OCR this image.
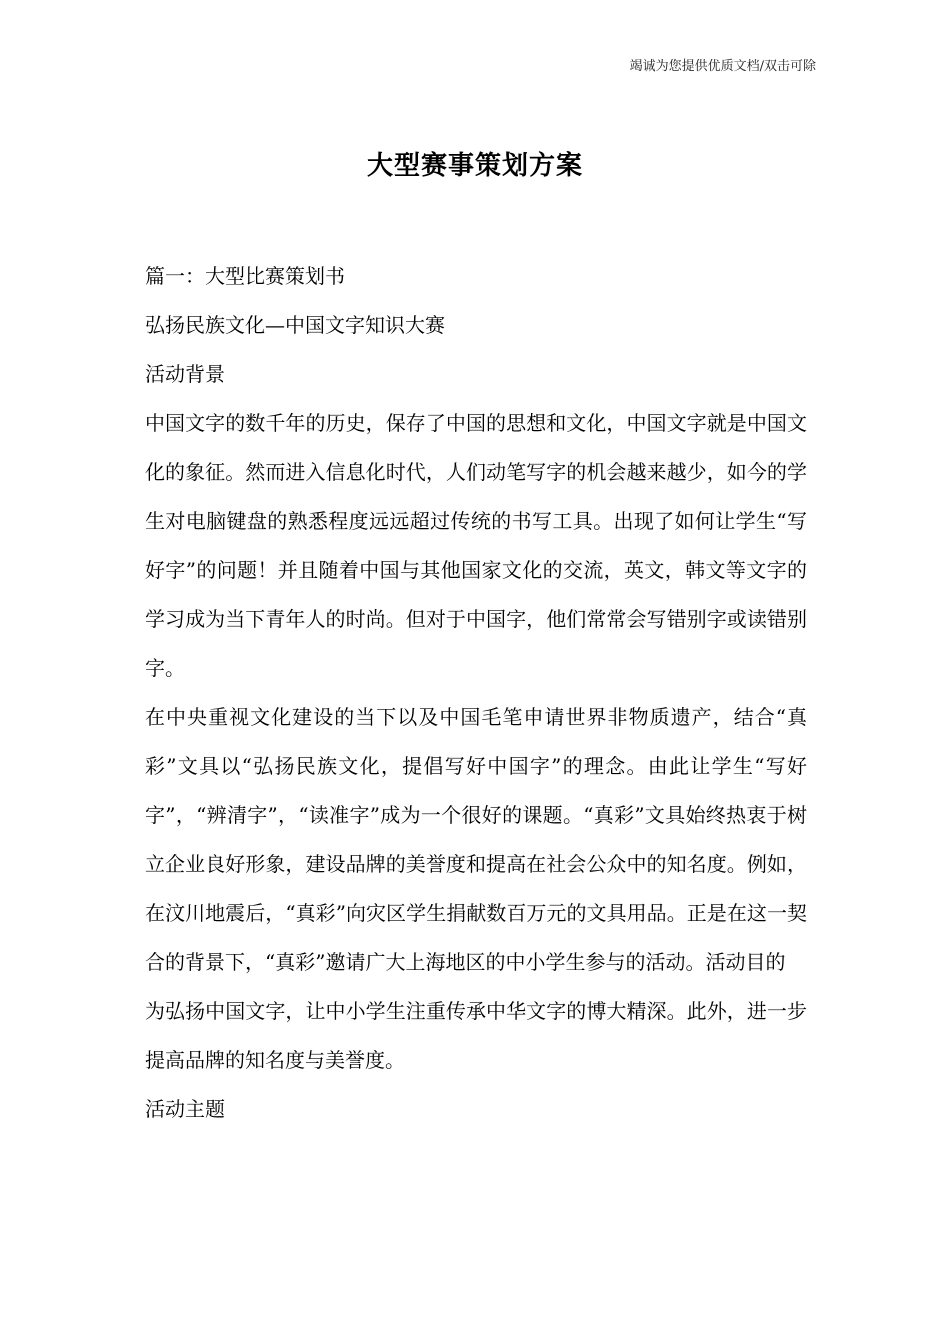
竭诚为您提供优质文档/双击可除
大型赛事策划方案

篇一：大型比赛策划书

弘扬民族文化—中国文字知识大赛

活动背景

中国文字的数千年的历史，保存了中国的思想和文化，中国文字就是中国文化的象征。然而进入信息化时代，人们动笔写字的机会越来越少，如今的学生对电脑键盘的熟悉程度远远超过传统的书写工具。出现了如何让学生“写好字”的问题！并且随着中国与其他国家文化的交流，英文，韩文等文字的学习成为当下青年人的时尚。但对于中国字，他们常常会写错别字或读错别字。

在中央重视文化建设的当下以及中国毛笔申请世界非物质遗产，结合“真彩”文具以“弘扬民族文化，提倡写好中国字”的理念。由此让学生“写好字”，“辨清字”，“读准字”成为一个很好的课题。“真彩”文具始终热衷于树立企业良好形象，建设品牌的美誉度和提高在社会公众中的知名度。例如，在汶川地震后，“真彩”向灾区学生捐献数百万元的文具用品。正是在这一契合的背景下，“真彩”邀请广大上海地区的中小学生参与的活动。活动目的

为弘扬中国文字，让中小学生注重传承中华文字的博大精深。此外，进一步提高品牌的知名度与美誉度。

活动主题
